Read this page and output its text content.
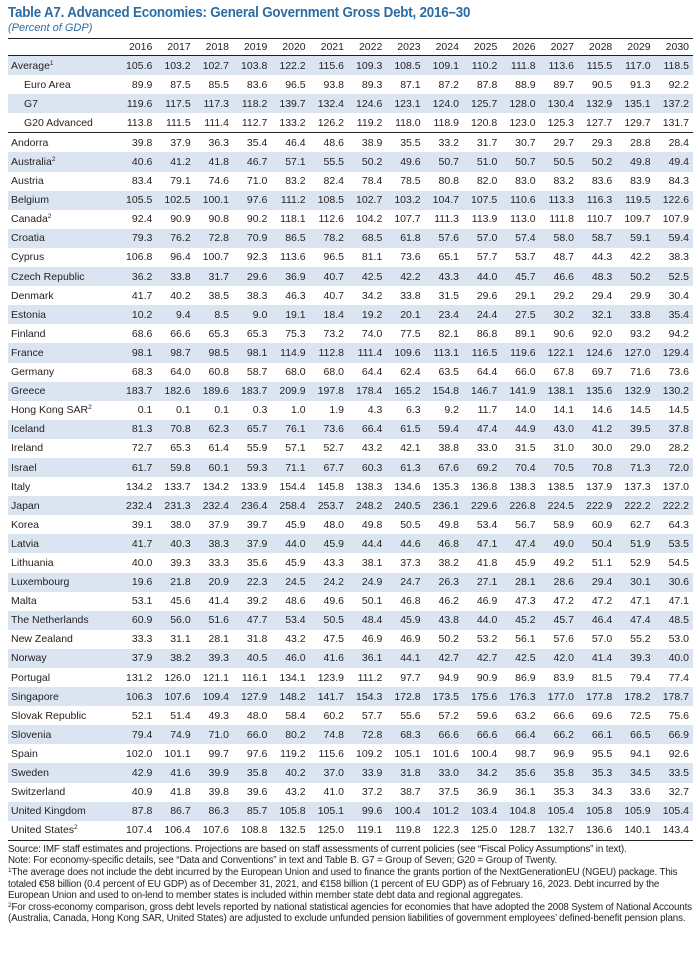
Table A7. Advanced Economies: General Government Gross Debt, 2016–30
(Percent of GDP)
	2016	2017	2018	2019	2020	2021	2022	2023	2024	2025	2026	2027	2028	2029	2030
Average$^1$	105.6	103.2	102.7	103.8	122.2	115.6	109.3	108.5	109.1	110.2	111.8	113.6	115.5	117.0	118.5
Euro Area	89.9	87.5	85.5	83.6	96.5	93.8	89.3	87.1	87.2	87.8	88.9	89.7	90.5	91.3	92.2
G7	119.6	117.5	117.3	118.2	139.7	132.4	124.6	123.1	124.0	125.7	128.0	130.4	132.9	135.1	137.2
G20 Advanced	113.8	111.5	111.4	112.7	133.2	126.2	119.2	118.0	118.9	120.8	123.0	125.3	127.7	129.7	131.7
Andorra	39.8	37.9	36.3	35.4	46.4	48.6	38.9	35.5	33.2	31.7	30.7	29.7	29.3	28.8	28.4
Australia$^2$	40.6	41.2	41.8	46.7	57.1	55.5	50.2	49.6	50.7	51.0	50.7	50.5	50.2	49.8	49.4
Austria	83.4	79.1	74.6	71.0	83.2	82.4	78.4	78.5	80.8	82.0	83.0	83.2	83.6	83.9	84.3
Belgium	105.5	102.5	100.1	97.6	111.2	108.5	102.7	103.2	104.7	107.5	110.6	113.3	116.3	119.5	122.6
Canada$^2$	92.4	90.9	90.8	90.2	118.1	112.6	104.2	107.7	111.3	113.9	113.0	111.8	110.7	109.7	107.9
Croatia	79.3	76.2	72.8	70.9	86.5	78.2	68.5	61.8	57.6	57.0	57.4	58.0	58.7	59.1	59.4
Cyprus	106.8	96.4	100.7	92.3	113.6	96.5	81.1	73.6	65.1	57.7	53.7	48.7	44.3	42.2	38.3
Czech Republic	36.2	33.8	31.7	29.6	36.9	40.7	42.5	42.2	43.3	44.0	45.7	46.6	48.3	50.2	52.5
Denmark	41.7	40.2	38.5	38.3	46.3	40.7	34.2	33.8	31.5	29.6	29.1	29.2	29.4	29.9	30.4
Estonia	10.2	9.4	8.5	9.0	19.1	18.4	19.2	20.1	23.4	24.4	27.5	30.2	32.1	33.8	35.4
Finland	68.6	66.6	65.3	65.3	75.3	73.2	74.0	77.5	82.1	86.8	89.1	90.6	92.0	93.2	94.2
France	98.1	98.7	98.5	98.1	114.9	112.8	111.4	109.6	113.1	116.5	119.6	122.1	124.6	127.0	129.4
Germany	68.3	64.0	60.8	58.7	68.0	68.0	64.4	62.4	63.5	64.4	66.0	67.8	69.7	71.6	73.6
Greece	183.7	182.6	189.6	183.7	209.9	197.8	178.4	165.2	154.8	146.7	141.9	138.1	135.6	132.9	130.2
Hong Kong SAR$^2$	0.1	0.1	0.1	0.3	1.0	1.9	4.3	6.3	9.2	11.7	14.0	14.1	14.6	14.5	14.5
Iceland	81.3	70.8	62.3	65.7	76.1	73.6	66.4	61.5	59.4	47.4	44.9	43.0	41.2	39.5	37.8
Ireland	72.7	65.3	61.4	55.9	57.1	52.7	43.2	42.1	38.8	33.0	31.5	31.0	30.0	29.0	28.2
Israel	61.7	59.8	60.1	59.3	71.1	67.7	60.3	61.3	67.6	69.2	70.4	70.5	70.8	71.3	72.0
Italy	134.2	133.7	134.2	133.9	154.4	145.8	138.3	134.6	135.3	136.8	138.3	138.5	137.9	137.3	137.0
Japan	232.4	231.3	232.4	236.4	258.4	253.7	248.2	240.5	236.1	229.6	226.8	224.5	222.9	222.2	222.2
Korea	39.1	38.0	37.9	39.7	45.9	48.0	49.8	50.5	49.8	53.4	56.7	58.9	60.9	62.7	64.3
Latvia	41.7	40.3	38.3	37.9	44.0	45.9	44.4	44.6	46.8	47.1	47.4	49.0	50.4	51.9	53.5
Lithuania	40.0	39.3	33.3	35.6	45.9	43.3	38.1	37.3	38.2	41.8	45.9	49.2	51.1	52.9	54.5
Luxembourg	19.6	21.8	20.9	22.3	24.5	24.2	24.9	24.7	26.3	27.1	28.1	28.6	29.4	30.1	30.6
Malta	53.1	45.6	41.4	39.2	48.6	49.6	50.1	46.8	46.2	46.9	47.3	47.2	47.2	47.1	47.1
The Netherlands	60.9	56.0	51.6	47.7	53.4	50.5	48.4	45.9	43.8	44.0	45.2	45.7	46.4	47.4	48.5
New Zealand	33.3	31.1	28.1	31.8	43.2	47.5	46.9	46.9	50.2	53.2	56.1	57.6	57.0	55.2	53.0
Norway	37.9	38.2	39.3	40.5	46.0	41.6	36.1	44.1	42.7	42.7	42.5	42.0	41.4	39.3	40.0
Portugal	131.2	126.0	121.1	116.1	134.1	123.9	111.2	97.7	94.9	90.9	86.9	83.9	81.5	79.4	77.4
Singapore	106.3	107.6	109.4	127.9	148.2	141.7	154.3	172.8	173.5	175.6	176.3	177.0	177.8	178.2	178.7
Slovak Republic	52.1	51.4	49.3	48.0	58.4	60.2	57.7	55.6	57.2	59.6	63.2	66.6	69.6	72.5	75.6
Slovenia	79.4	74.9	71.0	66.0	80.2	74.8	72.8	68.3	66.6	66.6	66.4	66.2	66.1	66.5	66.9
Spain	102.0	101.1	99.7	97.6	119.2	115.6	109.2	105.1	101.6	100.4	98.7	96.9	95.5	94.1	92.6
Sweden	42.9	41.6	39.9	35.8	40.2	37.0	33.9	31.8	33.0	34.2	35.6	35.8	35.3	34.5	33.5
Switzerland	40.9	41.8	39.8	39.6	43.2	41.0	37.2	38.7	37.5	36.9	36.1	35.3	34.3	33.6	32.7
United Kingdom	87.8	86.7	86.3	85.7	105.8	105.1	99.6	100.4	101.2	103.4	104.8	105.4	105.8	105.9	105.4
United States$^2$	107.4	106.4	107.6	108.8	132.5	125.0	119.1	119.8	122.3	125.0	128.7	132.7	136.6	140.1	143.4

Source: IMF staff estimates and projections. Projections are based on staff assessments of current policies (see “Fiscal Policy Assumptions” in text).

Note: For economy-specific details, see “Data and Conventions” in text and Table B. G7 = Group of Seven; G20 = Group of Twenty.

$^1$The average does not include the debt incurred by the European Union and used to finance the grants portion of the NextGenerationEU (NGEU) package. This totaled €58 billion (0.4 percent of EU GDP) as of December 31, 2021, and €158 billion (1 percent of EU GDP) as of February 16, 2023. Debt incurred by the European Union and used to on-lend to member states is included within member state debt data and regional aggregates.

$^2$For cross-economy comparison, gross debt levels reported by national statistical agencies for economies that have adopted the 2008 System of National Accounts (Australia, Canada, Hong Kong SAR, United States) are adjusted to exclude unfunded pension liabilities of government employees’ defined-benefit pension plans.
